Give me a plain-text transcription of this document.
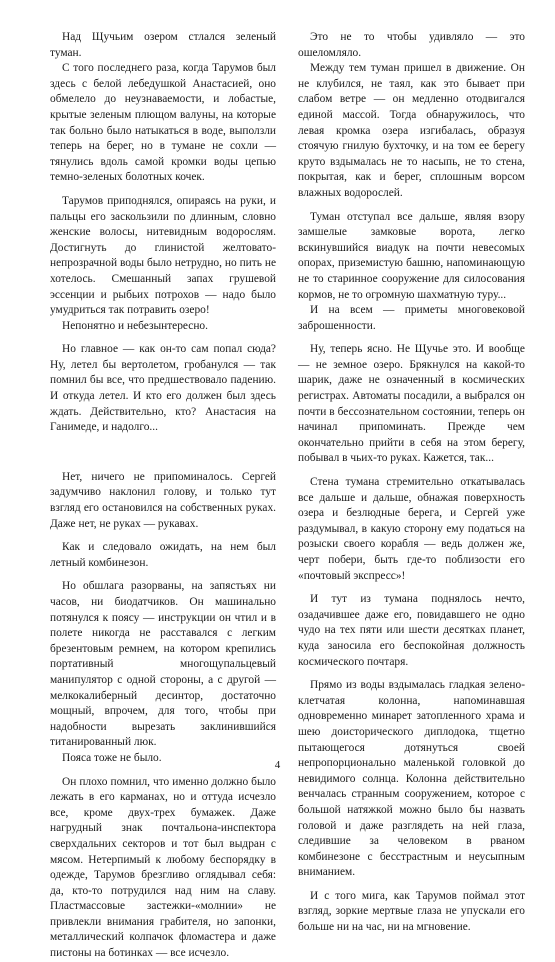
Над Щучьим озером стлался зеленый туман.

С того последнего раза, когда Тарумов был здесь с белой лебедушкой Анастасией, оно обмелело до неузнаваемости, и лобастые, крытые зеленым плющом валуны, на которые так больно было натыкаться в воде, выползли теперь на берег, но в тумане не сохли — тянулись вдоль самой кромки воды цепью темно-зеленых болотных кочек.

Тарумов приподнялся, опираясь на руки, и пальцы его заскользили по длинным, словно женские волосы, нитевидным водорослям. Достигнуть до глинистой желтовато-непрозрачной воды было нетрудно, но пить не хотелось. Смешанный запах грушевой эссенции и рыбьих потрохов — надо было умудриться так потравить озеро!

Непонятно и небезынтересно.

Но главное — как он-то сам попал сюда? Ну, летел бы вертолетом, гробанулся — так помнил бы все, что предшествовало падению. И откуда летел. И кто его должен был здесь ждать. Действительно, кто? Анастасия на Ганимеде, и надолго...

Нет, ничего не припоминалось. Сергей задумчиво наклонил голову, и только тут взгляд его остановился на собственных руках. Даже нет, не руках — рукавах.

Как и следовало ожидать, на нем был летный комбинезон.

Но обшлага разорваны, на запястьях ни часов, ни биодатчиков. Он машинально потянулся к поясу — инструкции он чтил и в полете никогда не расставался с легким брезентовым ремнем, на котором крепились портативный многощупальцевый манипулятор с одной стороны, а с другой — мелкокалиберный десинтор, достаточно мощный, впрочем, для того, чтобы при надобности вырезать заклинившийся титанированный люк.

Пояса тоже не было.

Он плохо помнил, что именно должно было лежать в его карманах, но и оттуда исчезло все, кроме двух-трех бумажек. Даже нагрудный знак почтальона-инспектора сверхдальних секторов и тот был выдран с мясом. Нетерпимый к любому беспорядку в одежде, Тарумов брезгливо оглядывал себя: да, кто-то потрудился над ним на славу. Пластмассовые застежки-«молнии» не привлекли внимания грабителя, но запонки, металлический колпачок фломастера и даже пистоны на ботинках — все исчезло.

Это не то чтобы удивляло — это ошеломляло.

Между тем туман пришел в движение. Он не клубился, не таял, как это бывает при слабом ветре — он медленно отодвигался единой массой. Тогда обнаружилось, что левая кромка озера изгибалась, образуя стоячую гнилую бухточку, и на том ее берегу круто вздымалась не то насыпь, не то стена, покрытая, как и берег, сплошным ворсом влажных водорослей.

Туман отступал все дальше, являя взору замшелые замковые ворота, легко вскинувшийся виадук на почти невесомых опорах, приземистую башню, напоминающую не то старинное сооружение для силосования кормов, не то огромную шахматную туру...

И на всем — приметы многовековой заброшенности.

Ну, теперь ясно. Не Щучье это. И вообще — не земное озеро. Брякнулся на какой-то шарик, даже не означенный в космических регистрах. Автоматы посадили, а выбрался он почти в бессознательном состоянии, теперь он начинал припоминать. Прежде чем окончательно прийти в себя на этом берегу, побывал в чьих-то руках. Кажется, так...

Стена тумана стремительно откатывалась все дальше и дальше, обнажая поверхность озера и безлюдные берега, и Сергей уже раздумывал, в какую сторону ему податься на розыски своего корабля — ведь должен же, черт побери, быть где-то поблизости его «почтовый экспресс»!

И тут из тумана поднялось нечто, озадачившее даже его, повидавшего не одно чудо на тех пяти или шести десятках планет, куда заносила его беспокойная должность космического почтаря.

Прямо из воды вздымалась гладкая зелено-клетчатая колонна, напоминавшая одновременно минарет затопленного храма и шею доисторического диплодока, тщетно пытающегося дотянуться своей непропорционально маленькой головкой до невидимого солнца. Колонна действительно венчалась странным сооружением, которое с большой натяжкой можно было бы назвать головой и даже разглядеть на ней глаза, следившие за человеком в рваном комбинезоне с бесстрастным и неусыпным вниманием.

И с того мига, как Тарумов поймал этот взгляд, зоркие мертвые глаза не упускали его больше ни на час, ни на мгновение.

4
